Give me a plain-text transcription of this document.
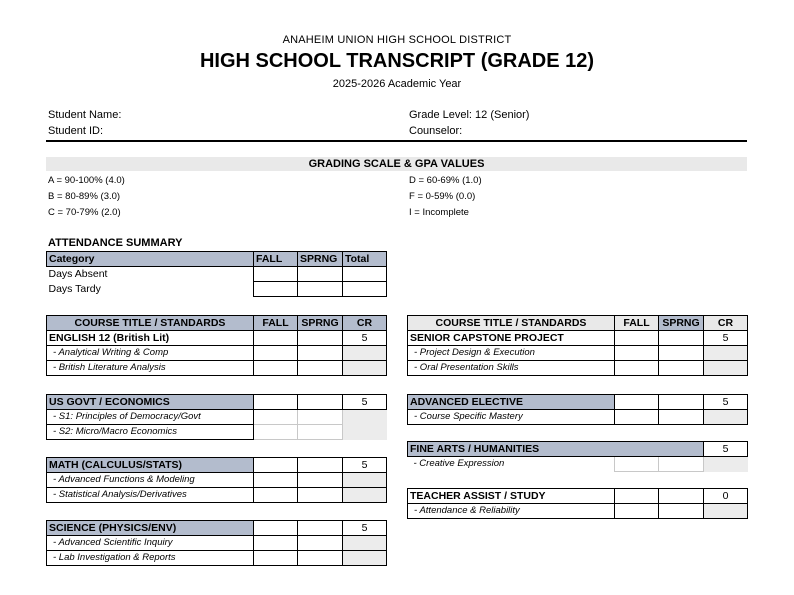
ANAHEIM UNION HIGH SCHOOL DISTRICT
HIGH SCHOOL TRANSCRIPT (GRADE 12)
2025-2026 Academic Year
Student Name:
Student ID:
Grade Level: 12 (Senior)
Counselor:
GRADING SCALE & GPA VALUES
A = 90-100% (4.0)
B = 80-89% (3.0)
C = 70-79% (2.0)
D = 60-69% (1.0)
F = 0-59% (0.0)
I = Incomplete
ATTENDANCE SUMMARY
Category	FALL	SPRNG	Total
Days Absent			
Days Tardy			
COURSE TITLE / STANDARDS	FALL	SPRNG	CR
ENGLISH 12 (British Lit)			5
- Analytical Writing & Comp			
- British Literature Analysis			
US GOVT / ECONOMICS			5
- S1: Principles of Democracy/Govt			
- S2: Micro/Macro Economics			
MATH (CALCULUS/STATS)			5
- Advanced Functions & Modeling			
- Statistical Analysis/Derivatives			
SCIENCE (PHYSICS/ENV)			5
- Advanced Scientific Inquiry			
- Lab Investigation & Reports			
COURSE TITLE / STANDARDS	FALL	SPRNG	CR
SENIOR CAPSTONE PROJECT			5
- Project Design & Execution			
- Oral Presentation Skills			
ADVANCED ELECTIVE			5
- Course Specific Mastery			
FINE ARTS / HUMANITIES			5
- Creative Expression			
TEACHER ASSIST / STUDY			0
- Attendance & Reliability			
